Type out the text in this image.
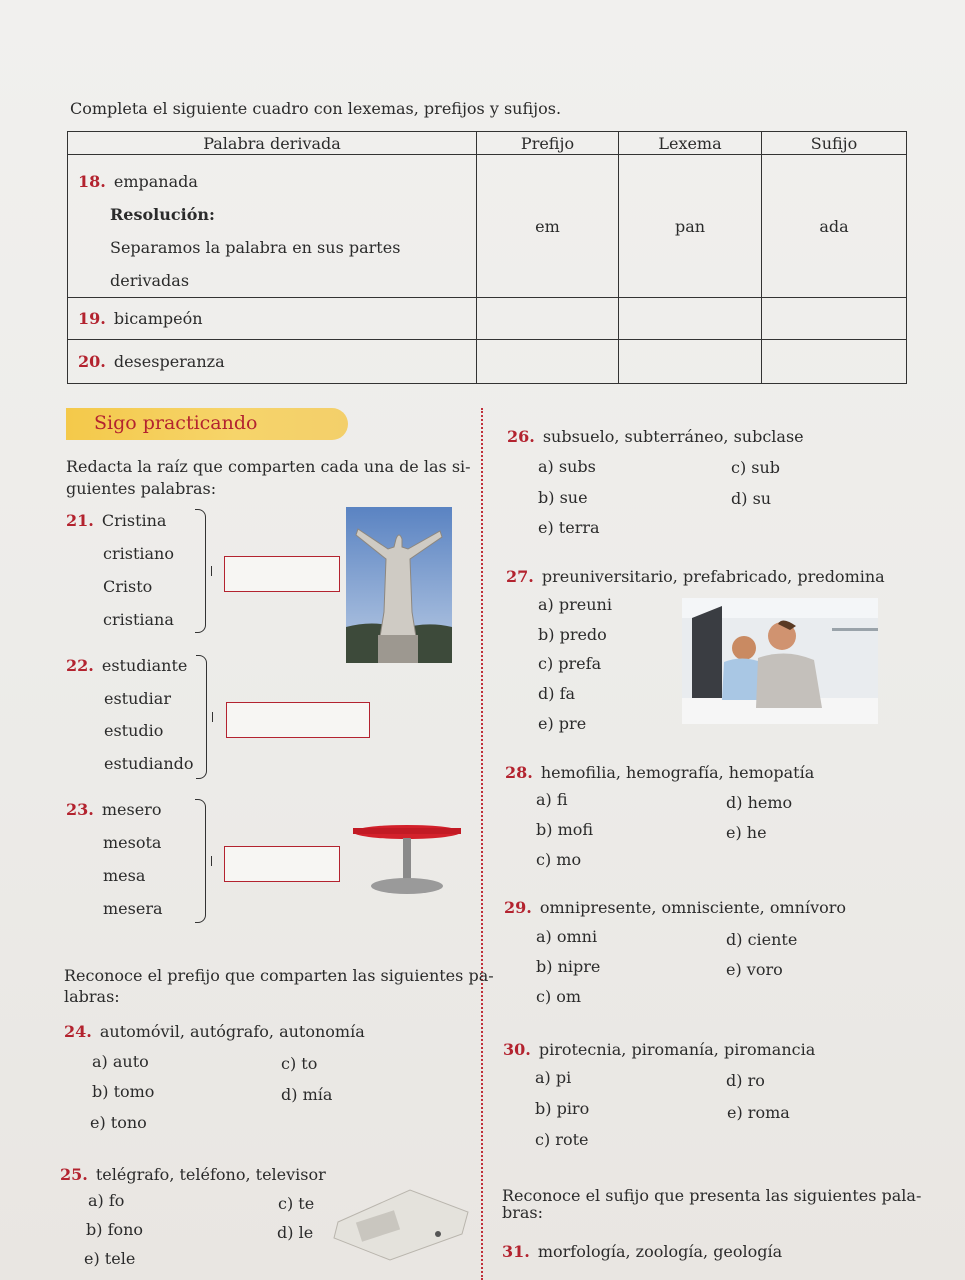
Completa el siguiente cuadro con lexemas, prefijos y sufijos.
Palabra derivada	Prefijo	Lexema	Sufijo

18. empanada
Resolución:
Separamos la palabra en sus partes derivadas	em	pan	ada
19. bicampeón			
20. desesperanza			
Sigo practicando
Redacta la raíz que comparten cada una de las si-
guientes palabras:
21. Cristina
cristiano
Cristo
cristiana
22. estudiante
estudiar
estudio
estudiando
23. mesero
mesota
mesa
mesera
Reconoce el prefijo que comparten las siguientes pa-
labras:
24. automóvil, autógrafo, autonomía
a) auto	c) to
b) tomo	d) mía
e) tono
25. telégrafo, teléfono, televisor
a) fo	c) te
b) fono	d) le
e) tele
26. subsuelo, subterráneo, subclase
a) subs	c) sub
b) sue	d) su
e) terra
27. preuniversitario, prefabricado, predomina
a) preuni
b) predo
c) prefa
d) fa
e) pre
28. hemofilia, hemografía, hemopatía
a) fi	d) hemo
b) mofi	e) he
c) mo
29. omnipresente, omnisciente, omnívoro
a) omni	d) ciente
b) nipre	e) voro
c) om
30. pirotecnia, piromanía, piromancia
a) pi	d) ro
b) piro	e) roma
c) rote
Reconoce el sufijo que presenta las siguientes pala-
bras:
31. morfología, zoología, geología
